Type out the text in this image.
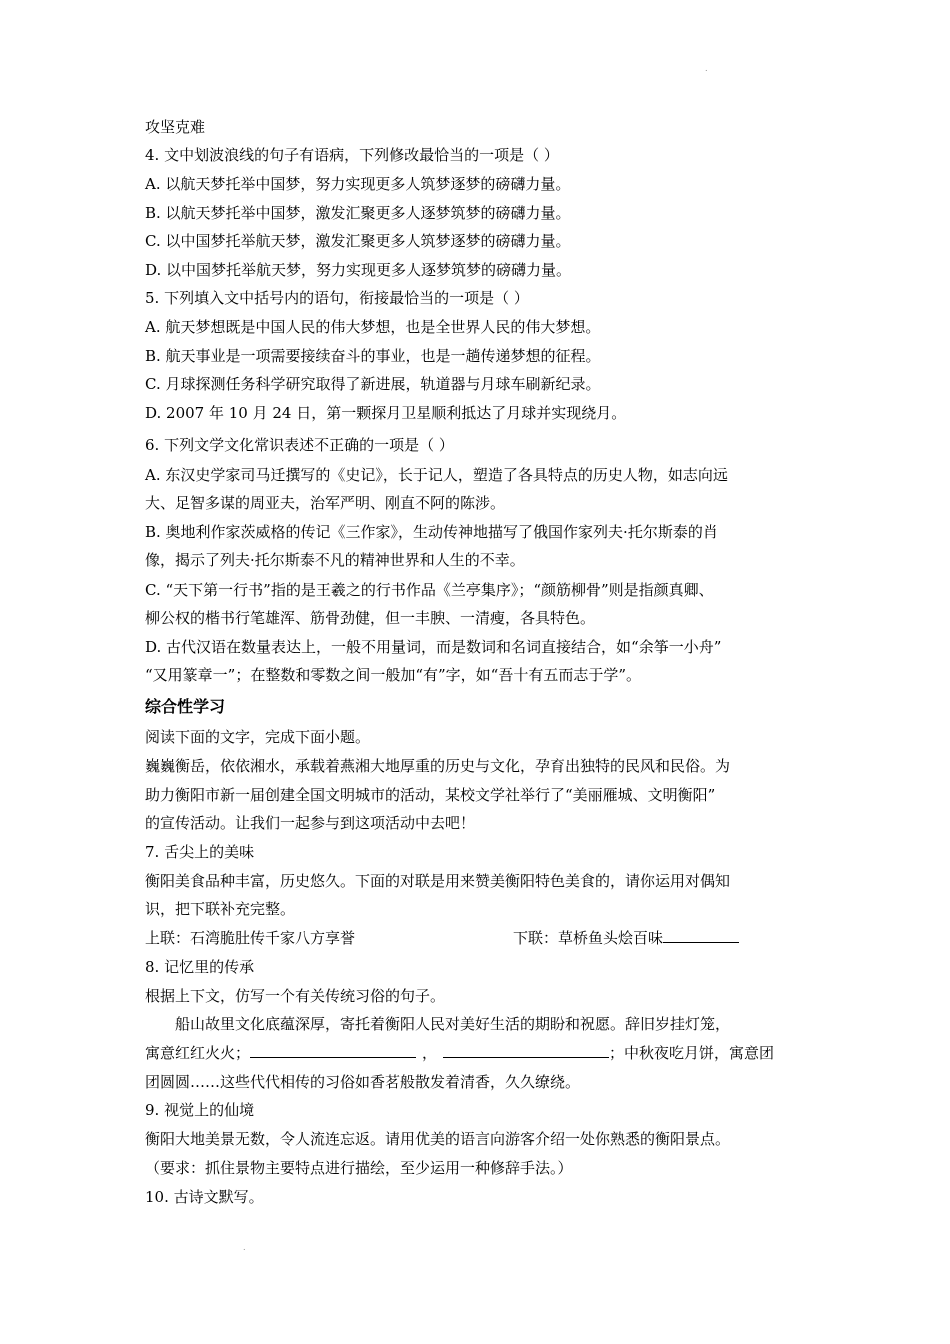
.
攻坚克难
4. 文中划波浪线的句子有语病，下列修改最恰当的一项是（ ）
A. 以航天梦托举中国梦，努力实现更多人筑梦逐梦的磅礴力量。
B. 以航天梦托举中国梦，激发汇聚更多人逐梦筑梦的磅礴力量。
C. 以中国梦托举航天梦，激发汇聚更多人筑梦逐梦的磅礴力量。
D. 以中国梦托举航天梦，努力实现更多人逐梦筑梦的磅礴力量。
5. 下列填入文中括号内的语句，衔接最恰当的一项是（ ）
A. 航天梦想既是中国人民的伟大梦想，也是全世界人民的伟大梦想。
B. 航天事业是一项需要接续奋斗的事业，也是一趟传递梦想的征程。
C. 月球探测任务科学研究取得了新进展，轨道器与月球车刷新纪录。
D. 2007 年 10 月 24 日，第一颗探月卫星顺利抵达了月球并实现绕月。
6. 下列文学文化常识表述不正确的一项是（ ）
A. 东汉史学家司马迁撰写的《史记》，长于记人，塑造了各具特点的历史人物，如志向远
大、足智多谋的周亚夫，治军严明、刚直不阿的陈涉。
B. 奥地利作家茨威格的传记《三作家》，生动传神地描写了俄国作家列夫·托尔斯泰的肖
像，揭示了列夫·托尔斯泰不凡的精神世界和人生的不幸。
C. “天下第一行书”指的是王羲之的行书作品《兰亭集序》；“颜筋柳骨”则是指颜真卿、
柳公权的楷书行笔雄浑、筋骨劲健，但一丰腴、一清瘦，各具特色。
D. 古代汉语在数量表达上，一般不用量词，而是数词和名词直接结合，如“余筝一小舟”
“又用篆章一”；在整数和零数之间一般加“有”字，如“吾十有五而志于学”。
综合性学习
阅读下面的文字，完成下面小题。
巍巍衡岳，依依湘水，承载着燕湘大地厚重的历史与文化，孕育出独特的民风和民俗。为
助力衡阳市新一届创建全国文明城市的活动，某校文学社举行了“美丽雁城、文明衡阳”
的宣传活动。让我们一起参与到这项活动中去吧！
7. 舌尖上的美味
衡阳美食品种丰富，历史悠久。下面的对联是用来赞美衡阳特色美食的，请你运用对偶知
识，把下联补充完整。
上联：石湾脆肚传千家八方享誉	下联：草桥鱼头烩百味
8. 记忆里的传承
根据上下文，仿写一个有关传统习俗的句子。
船山故里文化底蕴深厚，寄托着衡阳人民对美好生活的期盼和祝愿。辞旧岁挂灯笼，
寓意红红火火；	，	；中秋夜吃月饼，寓意团
团圆圆……这些代代相传的习俗如香茗般散发着清香，久久缭绕。
9. 视觉上的仙境
衡阳大地美景无数，令人流连忘返。请用优美的语言向游客介绍一处你熟悉的衡阳景点。
（要求：抓住景物主要特点进行描绘，至少运用一种修辞手法。）
10. 古诗文默写。
.
